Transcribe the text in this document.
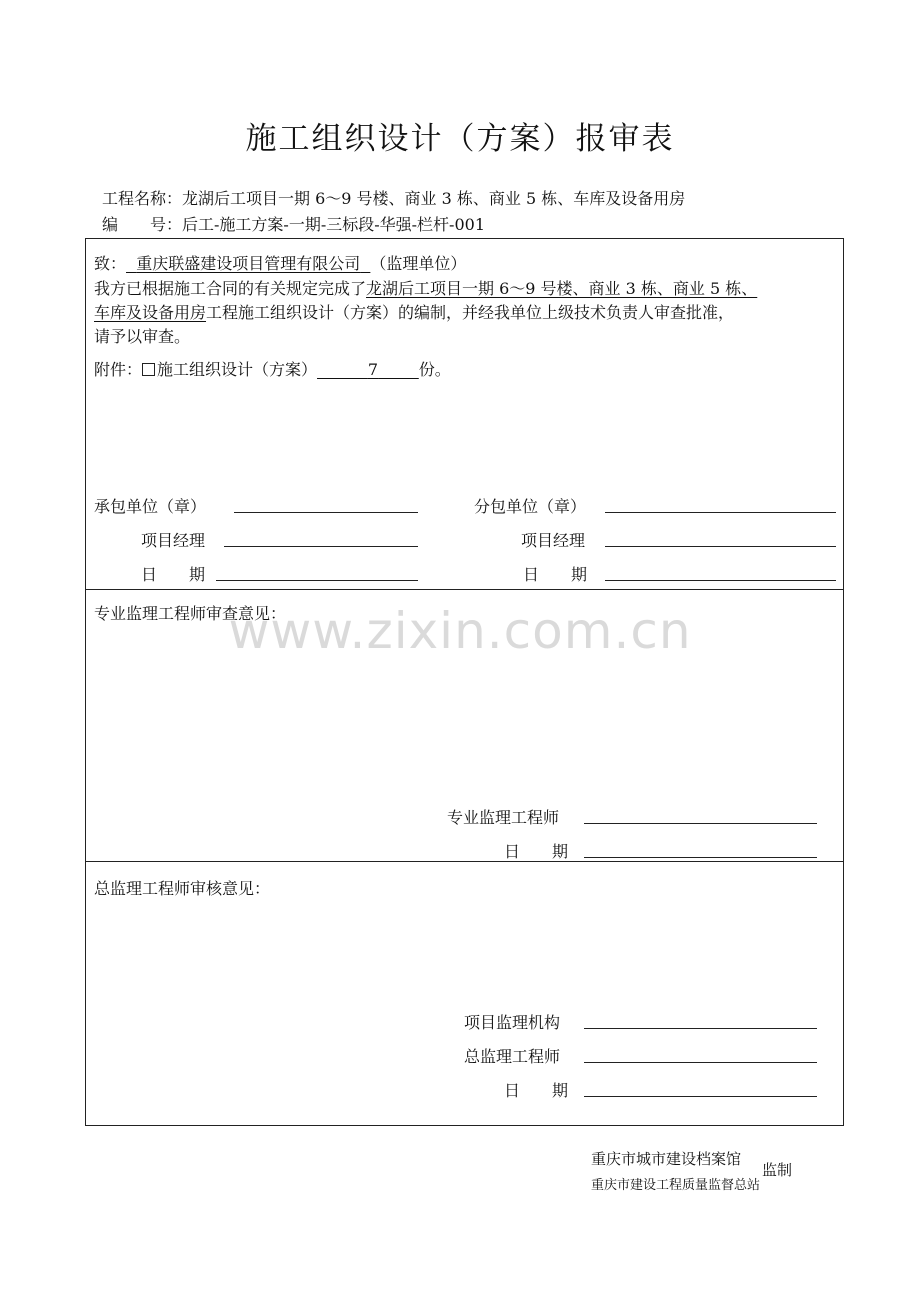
施工组织设计（方案）报审表
工程名称：龙湖后工项目一期 6～9 号楼、商业 3 栋、商业 5 栋、车库及设备用房
编　　号：后工-施工方案-一期-三标段-华强-栏杆-001
致： 重庆联盛建设项目管理有限公司 （监理单位）
我方已根据施工合同的有关规定完成了龙湖后工项目一期 6～9 号楼、商业 3 栋、商业 5 栋、
车库及设备用房工程施工组织设计（方案）的编制，并经我单位上级技术负责人审查批准，
请予以审查。
附件： 施工组织设计（方案）	7	份。
承包单位（章）	分包单位（章）
项目经理	项目经理
日　　期	日　　期
专业监理工程师审查意见：
专业监理工程师
日　　期
总监理工程师审核意见：
项目监理机构
总监理工程师
日　　期
www.zixin.com.cn
重庆市城市建设档案馆
重庆市建设工程质量监督总站
监制
